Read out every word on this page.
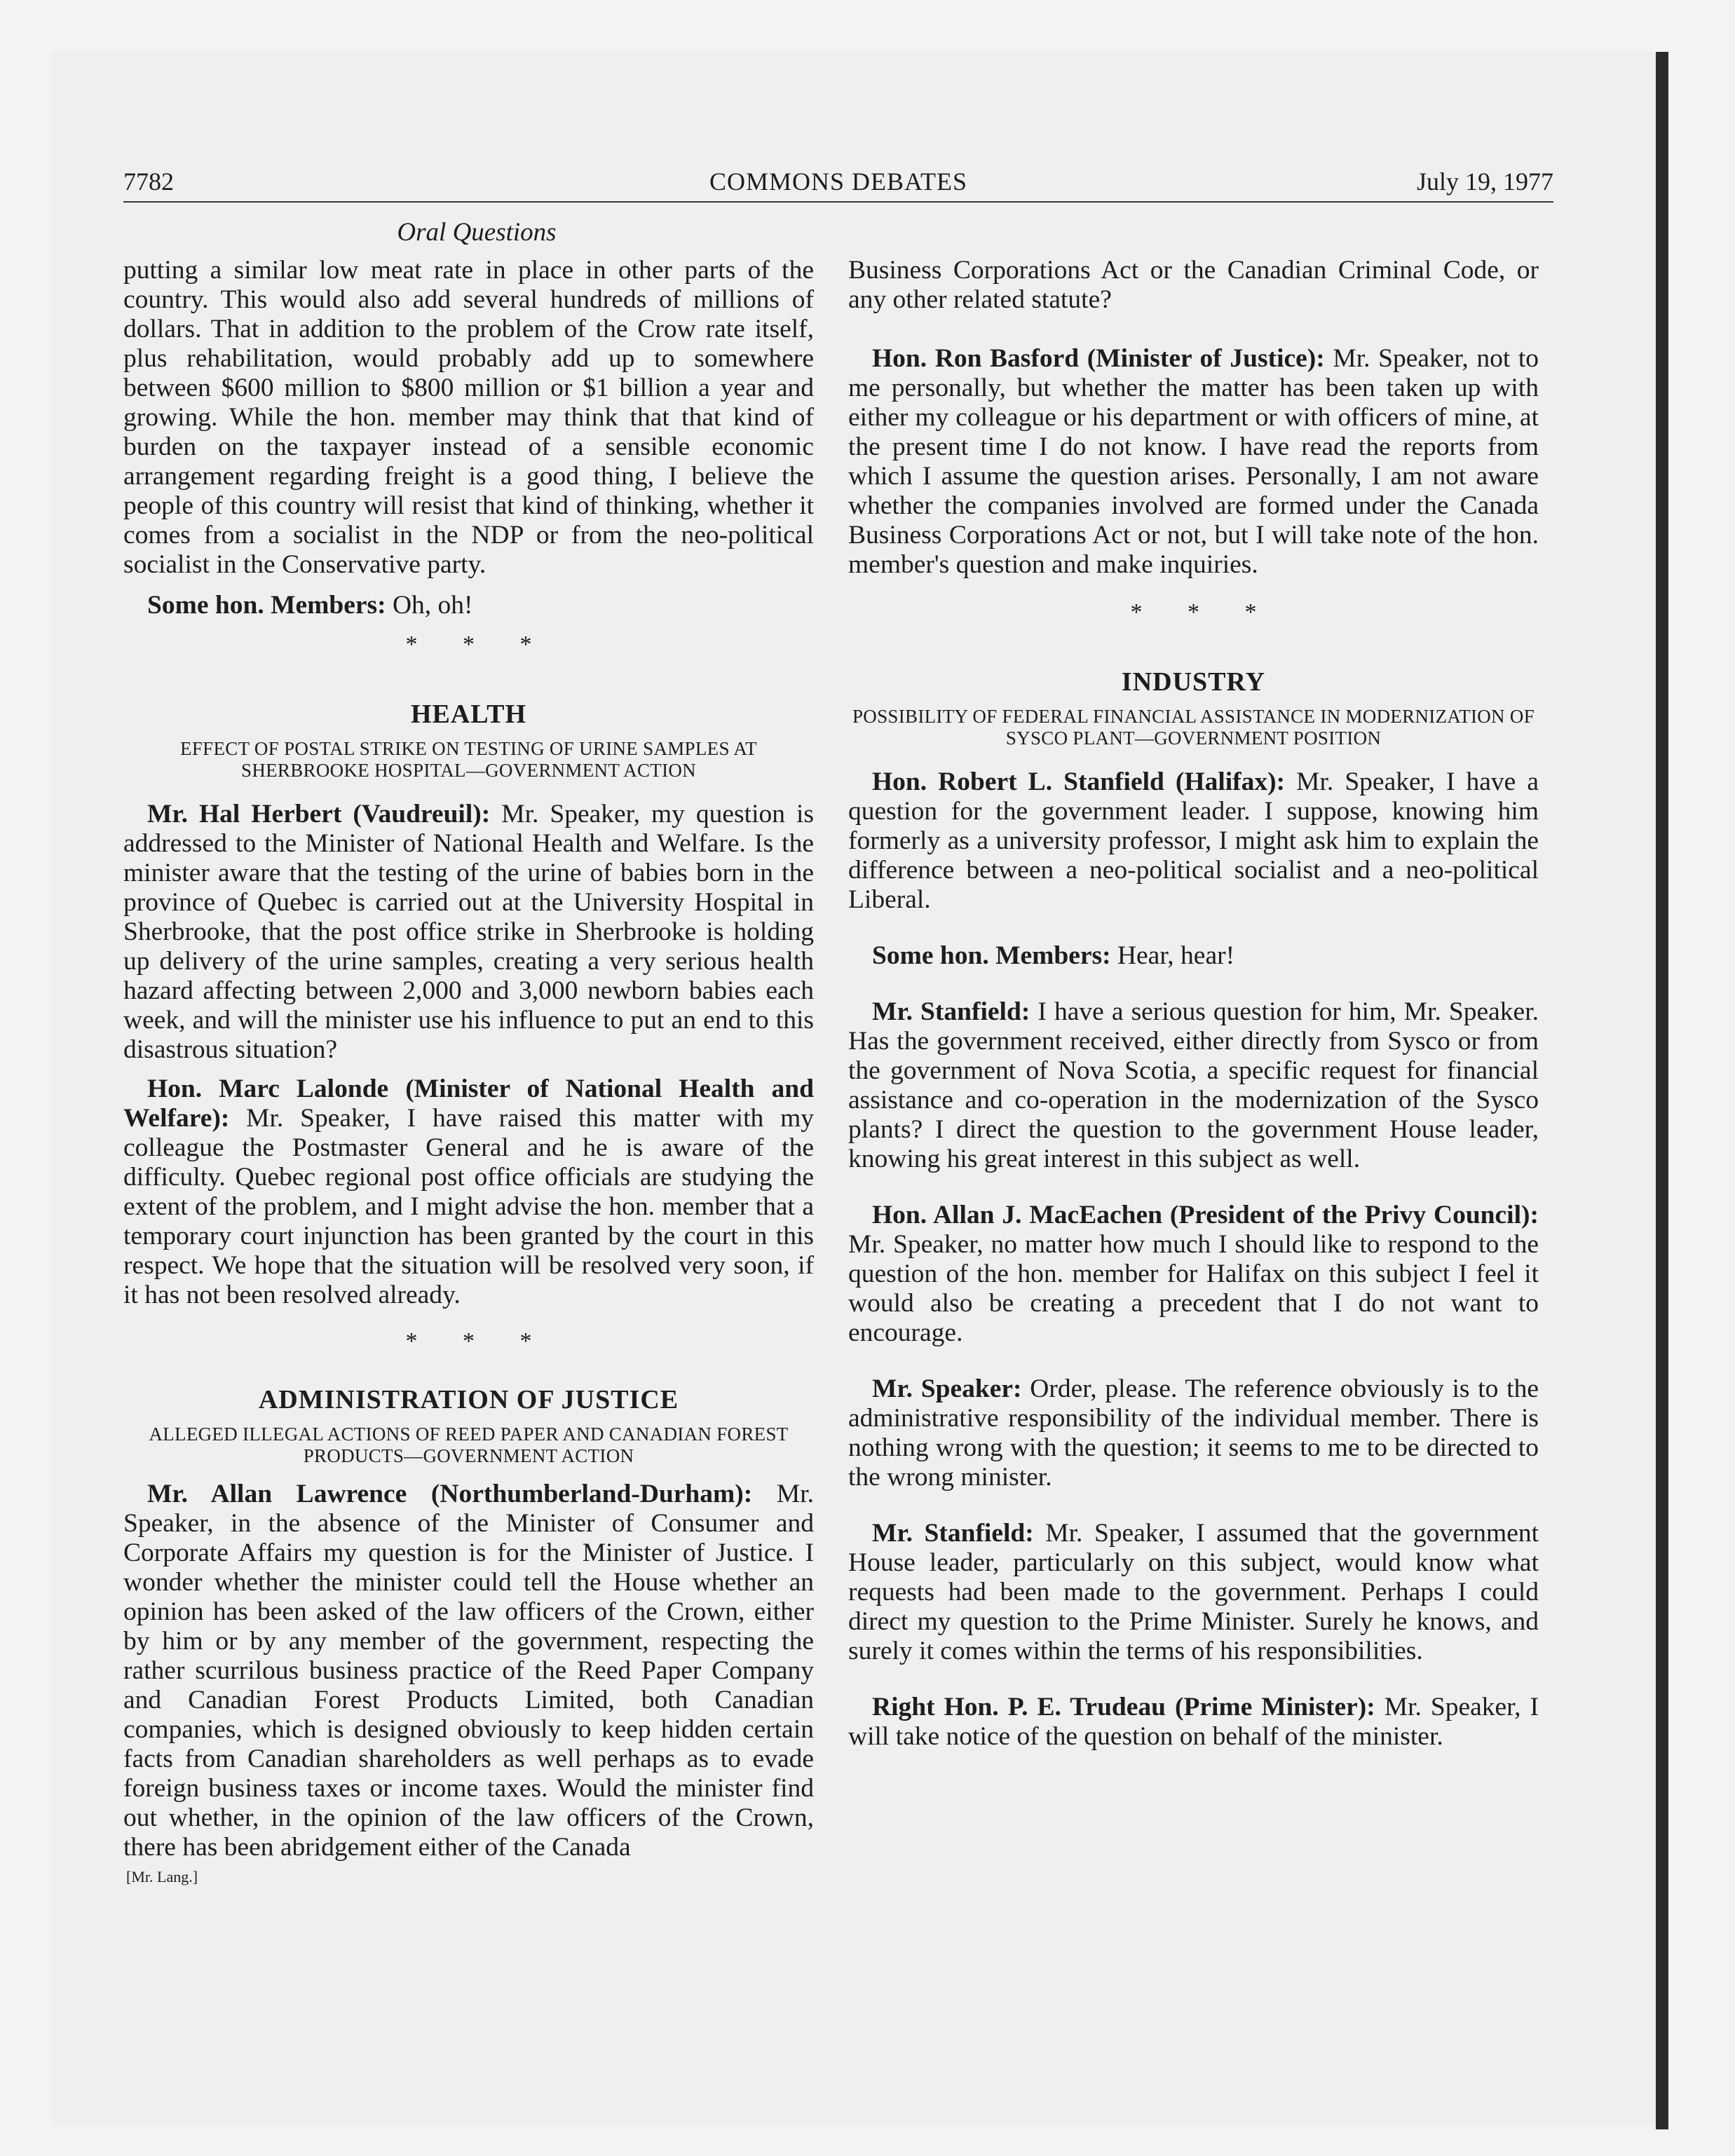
7782	COMMONS DEBATES	July 19, 1977
Oral Questions

putting a similar low meat rate in place in other parts of the country. This would also add several hundreds of millions of dollars. That in addition to the problem of the Crow rate itself, plus rehabilitation, would probably add up to somewhere between $600 million to $800 million or $1 billion a year and growing. While the hon. member may think that that kind of burden on the taxpayer instead of a sensible economic arrangement regarding freight is a good thing, I believe the people of this country will resist that kind of thinking, whether it comes from a socialist in the NDP or from the neo-political socialist in the Conservative party.

Some hon. Members: Oh, oh!

* * *
HEALTH
EFFECT OF POSTAL STRIKE ON TESTING OF URINE SAMPLES AT SHERBROOKE HOSPITAL—GOVERNMENT ACTION

Mr. Hal Herbert (Vaudreuil): Mr. Speaker, my question is addressed to the Minister of National Health and Welfare. Is the minister aware that the testing of the urine of babies born in the province of Quebec is carried out at the University Hospital in Sherbrooke, that the post office strike in Sherbrooke is holding up delivery of the urine samples, creating a very serious health hazard affecting between 2,000 and 3,000 newborn babies each week, and will the minister use his influence to put an end to this disastrous situation?

Hon. Marc Lalonde (Minister of National Health and Welfare): Mr. Speaker, I have raised this matter with my colleague the Postmaster General and he is aware of the difficulty. Quebec regional post office officials are studying the extent of the problem, and I might advise the hon. member that a temporary court injunction has been granted by the court in this respect. We hope that the situation will be resolved very soon, if it has not been resolved already.

* * *
ADMINISTRATION OF JUSTICE
ALLEGED ILLEGAL ACTIONS OF REED PAPER AND CANADIAN FOREST PRODUCTS—GOVERNMENT ACTION

Mr. Allan Lawrence (Northumberland-Durham): Mr. Speaker, in the absence of the Minister of Consumer and Corporate Affairs my question is for the Minister of Justice. I wonder whether the minister could tell the House whether an opinion has been asked of the law officers of the Crown, either by him or by any member of the government, respecting the rather scurrilous business practice of the Reed Paper Company and Canadian Forest Products Limited, both Canadian companies, which is designed obviously to keep hidden certain facts from Canadian shareholders as well perhaps as to evade foreign business taxes or income taxes. Would the minister find out whether, in the opinion of the law officers of the Crown, there has been abridgement either of the Canada

[Mr. Lang.]

Business Corporations Act or the Canadian Criminal Code, or any other related statute?

Hon. Ron Basford (Minister of Justice): Mr. Speaker, not to me personally, but whether the matter has been taken up with either my colleague or his department or with officers of mine, at the present time I do not know. I have read the reports from which I assume the question arises. Personally, I am not aware whether the companies involved are formed under the Canada Business Corporations Act or not, but I will take note of the hon. member's question and make inquiries.

* * *
INDUSTRY
POSSIBILITY OF FEDERAL FINANCIAL ASSISTANCE IN MODERNIZATION OF SYSCO PLANT—GOVERNMENT POSITION

Hon. Robert L. Stanfield (Halifax): Mr. Speaker, I have a question for the government leader. I suppose, knowing him formerly as a university professor, I might ask him to explain the difference between a neo-political socialist and a neo-political Liberal.

Some hon. Members: Hear, hear!

Mr. Stanfield: I have a serious question for him, Mr. Speaker. Has the government received, either directly from Sysco or from the government of Nova Scotia, a specific request for financial assistance and co-operation in the modernization of the Sysco plants? I direct the question to the government House leader, knowing his great interest in this subject as well.

Hon. Allan J. MacEachen (President of the Privy Council): Mr. Speaker, no matter how much I should like to respond to the question of the hon. member for Halifax on this subject I feel it would also be creating a precedent that I do not want to encourage.

Mr. Speaker: Order, please. The reference obviously is to the administrative responsibility of the individual member. There is nothing wrong with the question; it seems to me to be directed to the wrong minister.

Mr. Stanfield: Mr. Speaker, I assumed that the government House leader, particularly on this subject, would know what requests had been made to the government. Perhaps I could direct my question to the Prime Minister. Surely he knows, and surely it comes within the terms of his responsibilities.

Right Hon. P. E. Trudeau (Prime Minister): Mr. Speaker, I will take notice of the question on behalf of the minister.
